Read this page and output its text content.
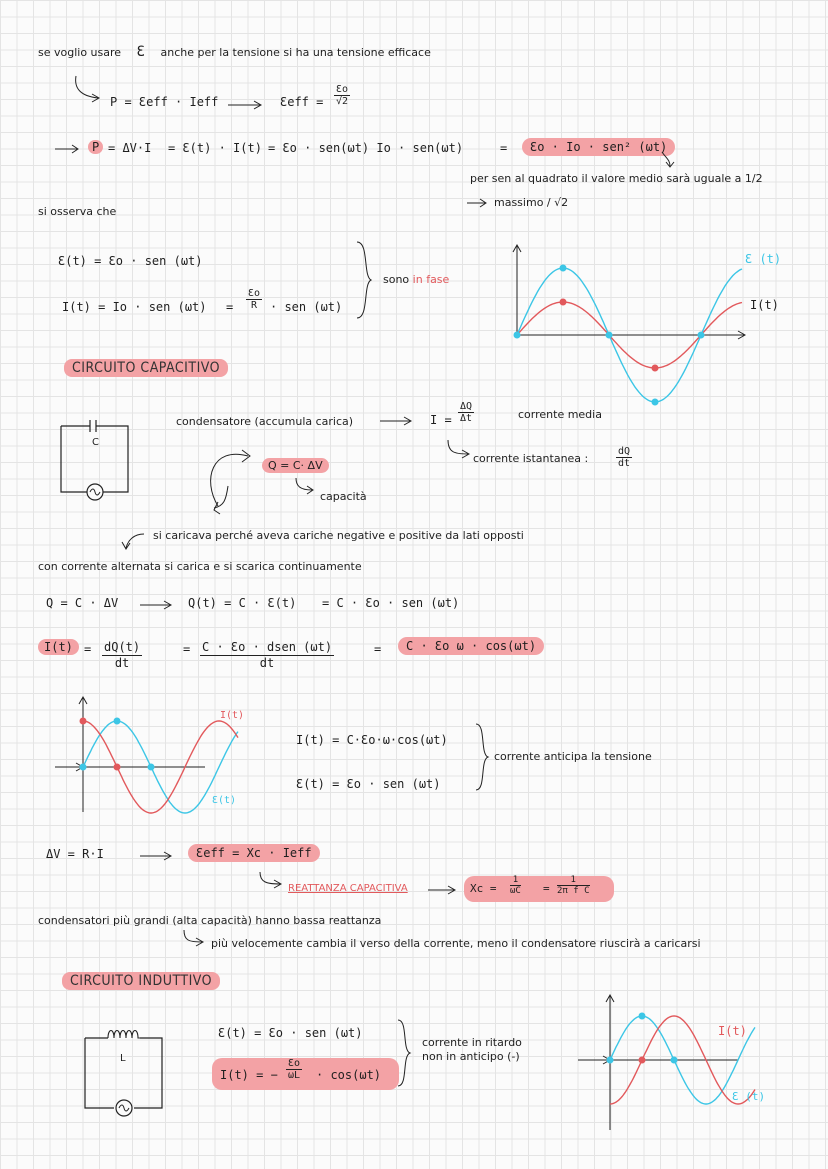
se voglio usare Ɛ anche per la tensione si ha una tensione efficace
P = Ɛeff · Ieff	Ɛeff = $\frac{Ɛo}{√2}$
P = ΔV·I = Ɛ(t) · I(t) = Ɛo · sen(ωt) Io · sen(ωt)	=	Ɛo · Io · sen² (ωt)
per sen al quadrato il valore medio sarà uguale a 1/2
massimo / √2
si osserva che
Ɛ(t) = Ɛo · sen (ωt)
I(t) = Io · sen $(\omega t) = \frac{Ɛo}{R}$ · sen (ωt)
sono in fase
Ɛ (t)
I(t)
CIRCUITO CAPACITIVO
C
condensatore (accumula carica)	$I = \frac{\Delta Q}{\Delta t}$	corrente media
corrente istantanea :	$\frac{dQ}{dt}$
Q = C· ΔV
capacità
si caricava perché aveva cariche negative e positive da lati opposti
con corrente alternata si carica e si scarica continuamente
Q = C · ΔV	Q(t) = C · Ɛ(t) = C · Ɛo · sen (ωt)
$I(t) = \frac{dQ(t)}{dt}$	= C · Ɛo · dsen (ωt)
dt
=	C · Ɛo ω · cos(ωt)
I(t)
Ɛ(t)
I(t) = C·Ɛo·ω·cos(ωt)
Ɛ(t) = Ɛo · sen (ωt)
corrente anticipa la tensione
ΔV = R·I	Ɛeff = Xc · Ieff
REATTANZA CAPACITIVA	$Xc = \frac{1}{\omega C} = \frac{1}{\text{2π f C}}$
condensatori più grandi (alta capacità) hanno bassa reattanza
più velocemente cambia il verso della corrente, meno il condensatore riuscirà a caricarsi
CIRCUITO INDUTTIVO
L
Ɛ(t) = Ɛo · sen (ωt)
I(t) = − $\frac{Ɛo}{\omega L} \cdot \cos(\omega t)$
corrente in ritardo
non in anticipo (-)
I(t)
Ɛ (t)
